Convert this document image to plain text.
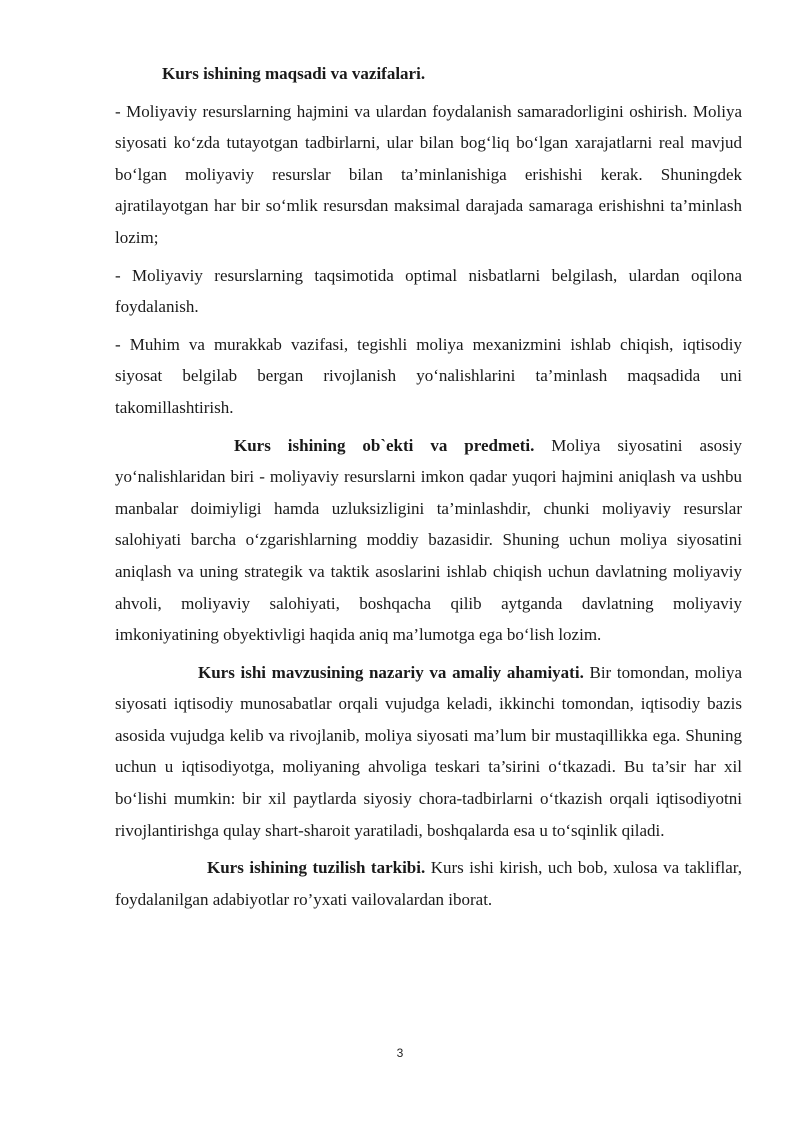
Kurs ishining maqsadi va vazifalari.

- Moliyaviy resurslarning hajmini va ulardan foydalanish samaradorligini oshirish. Moliya siyosati ko‘zda tutayotgan tadbirlarni, ular bilan bog‘liq bo‘lgan xarajatlarni real mavjud bo‘lgan moliyaviy resurslar bilan ta’minlanishiga erishishi kerak. Shuningdek ajratilayotgan har bir so‘mlik resursdan maksimal darajada samaraga erishishni ta’minlash lozim;

- Moliyaviy resurslarning taqsimotida optimal nisbatlarni belgilash, ulardan oqilona foydalanish.

- Muhim va murakkab vazifasi, tegishli moliya mexanizmini ishlab chiqish, iqtisodiy siyosat belgilab bergan rivojlanish yo‘nalishlarini ta’minlash maqsadida uni takomillashtirish.

Kurs ishining ob`ekti va predmeti. Moliya siyosatini asosiy yo‘nalishlaridan biri - moliyaviy resurslarni imkon qadar yuqori hajmini aniqlash va ushbu manbalar doimiyligi hamda uzluksizligini ta’minlashdir, chunki moliyaviy resurslar salohiyati barcha o‘zgarishlarning moddiy bazasidir. Shuning uchun moliya siyosatini aniqlash va uning strategik va taktik asoslarini ishlab chiqish uchun davlatning moliyaviy ahvoli, moliyaviy salohiyati, boshqacha qilib aytganda davlatning moliyaviy imkoniyatining obyektivligi haqida aniq ma’lumotga ega bo‘lish lozim.

Kurs ishi mavzusining nazariy va amaliy ahamiyati. Bir tomondan, moliya siyosati iqtisodiy munosabatlar orqali vujudga keladi, ikkinchi tomondan, iqtisodiy bazis asosida vujudga kelib va rivojlanib, moliya siyosati ma’lum bir mustaqillikka ega. Shuning uchun u iqtisodiyotga, moliyaning ahvoliga teskari ta’sirini o‘tkazadi. Bu ta’sir har xil bo‘lishi mumkin: bir xil paytlarda siyosiy chora-tadbirlarni o‘tkazish orqali iqtisodiyotni rivojlantirishga qulay shart-sharoit yaratiladi, boshqalarda esa u to‘sqinlik qiladi.

Kurs ishining tuzilish tarkibi. Kurs ishi kirish, uch bob, xulosa va takliflar, foydalanilgan adabiyotlar ro’yxati vailovalardan iborat.

3
